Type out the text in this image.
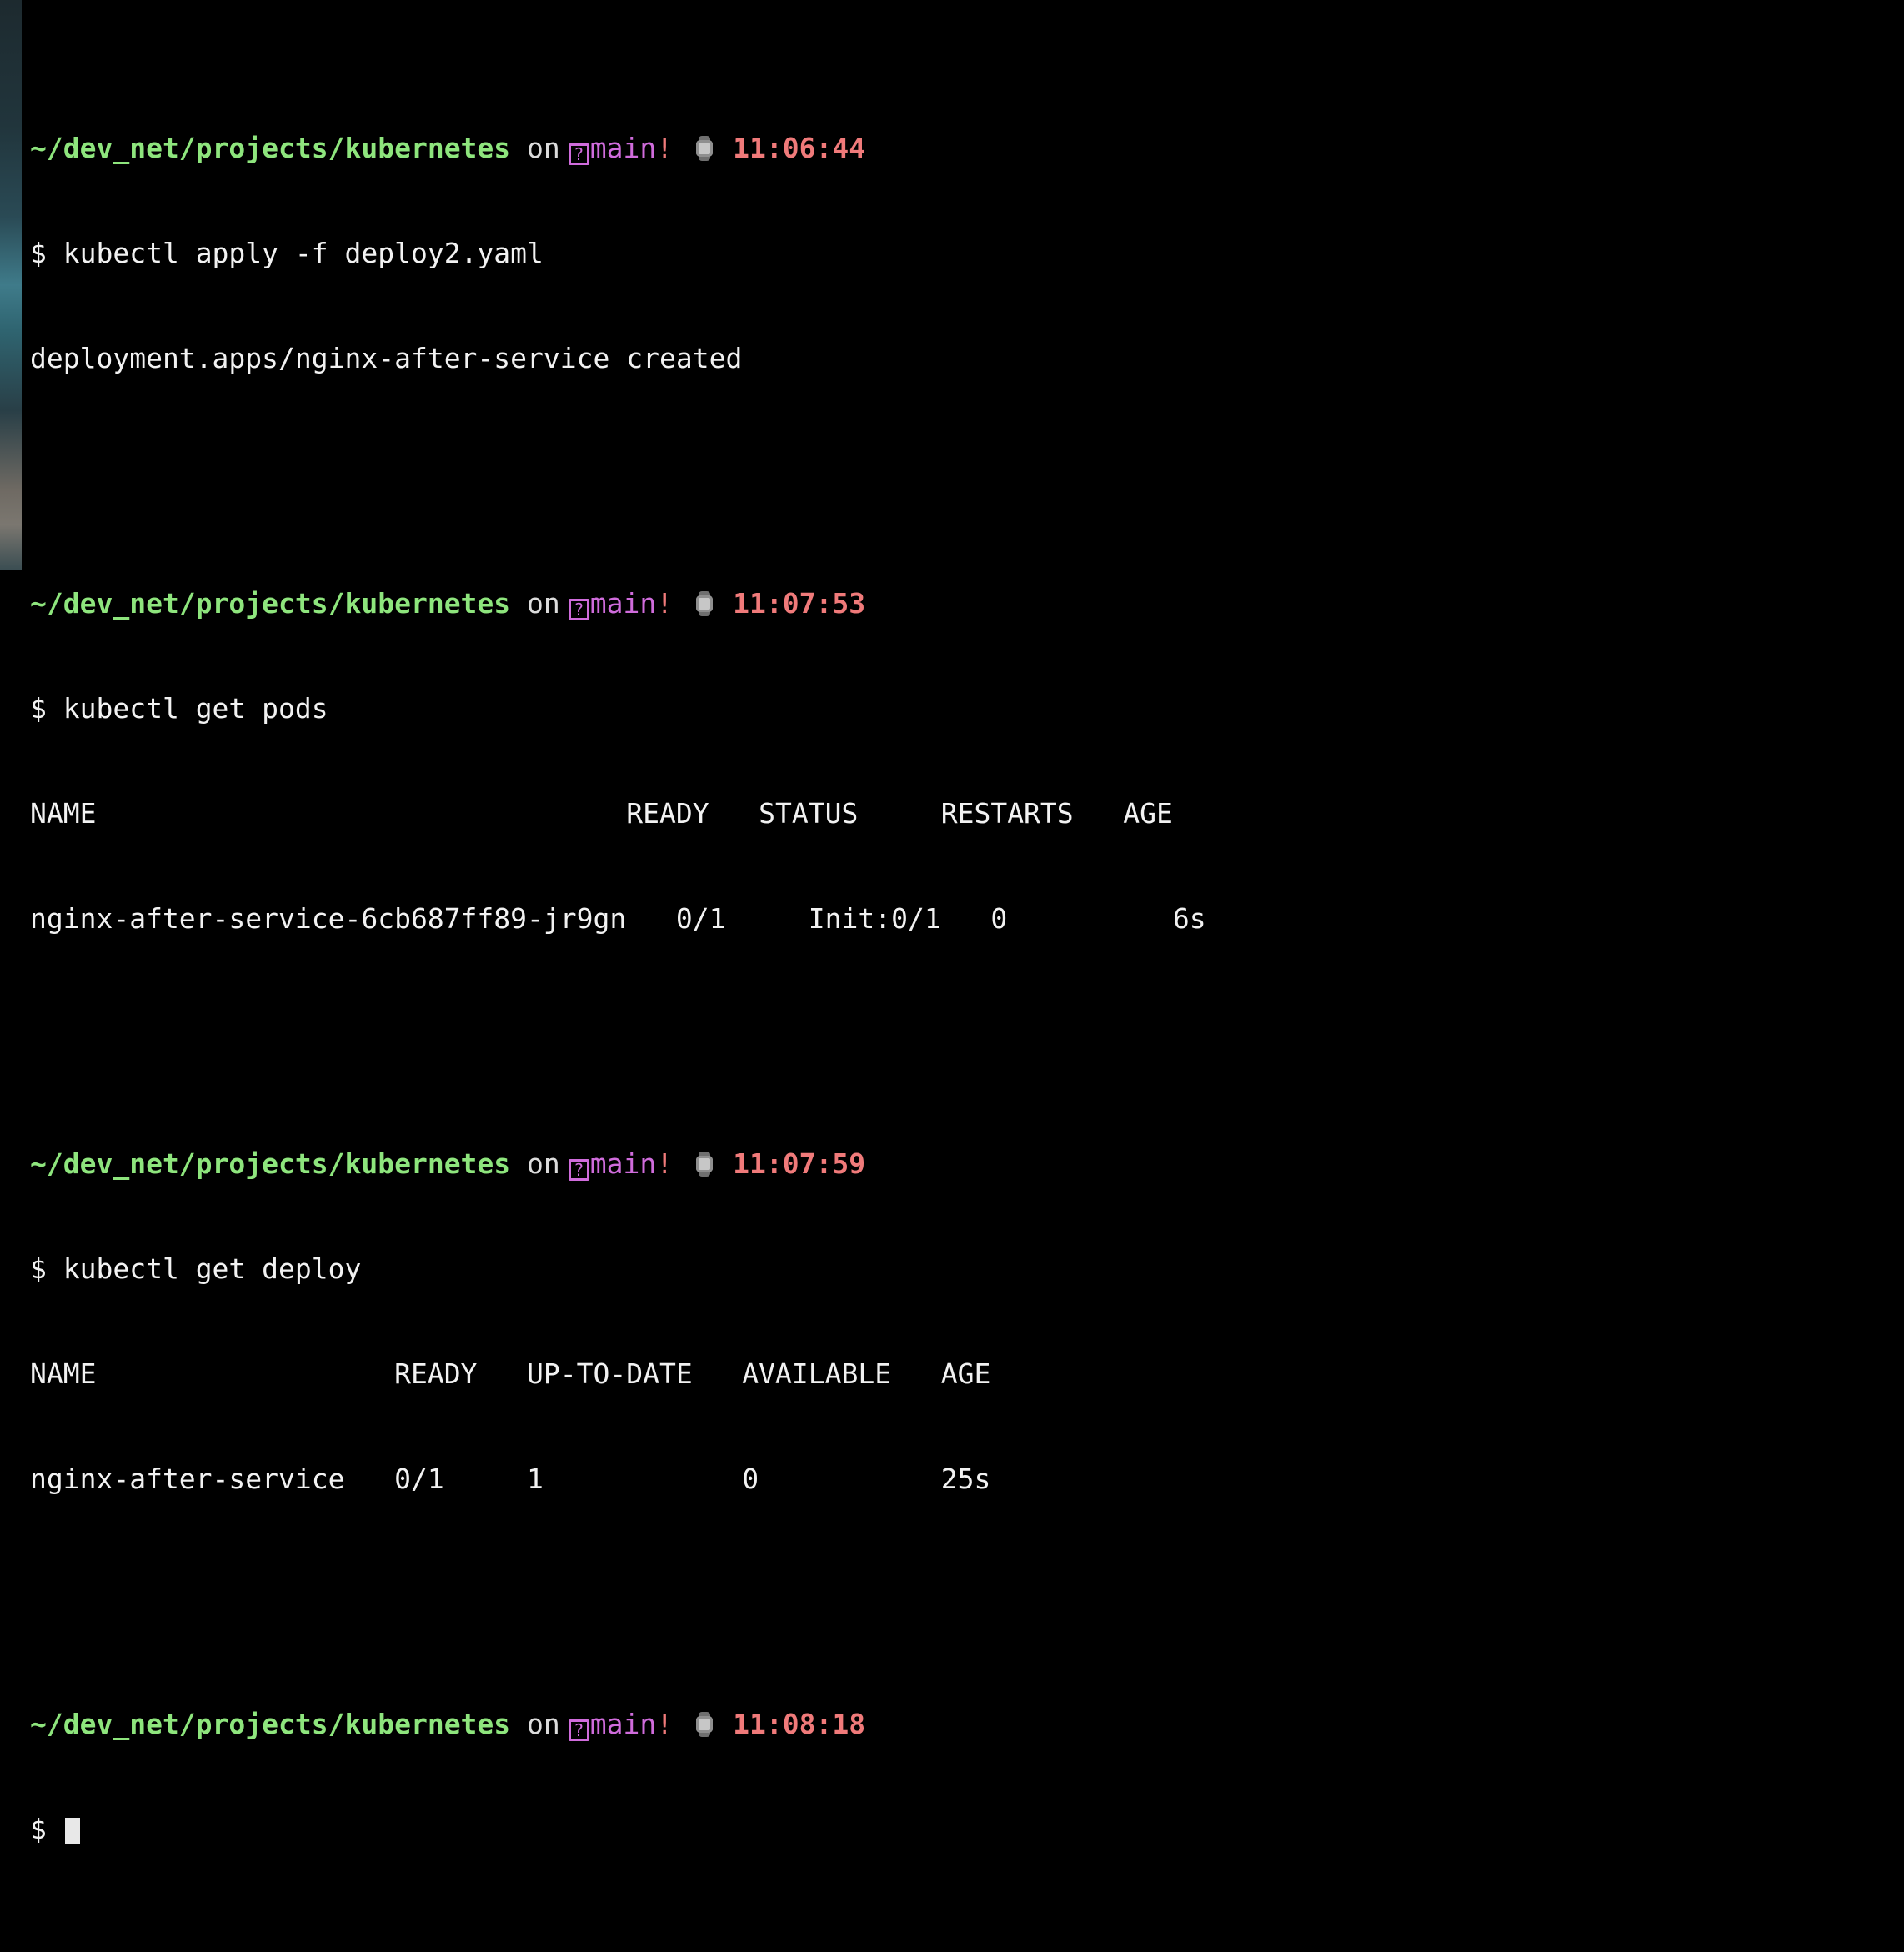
~/dev_net/projects/kubernetes on ? main! 11:06:44

$ kubectl apply -f deploy2.yaml

deployment.apps/nginx-after-service created

~/dev_net/projects/kubernetes on ? main! 11:07:53

$ kubectl get pods

NAME                                READY   STATUS     RESTARTS   AGE

nginx-after-service-6cb687ff89-jr9gn   0/1     Init:0/1   0          6s

~/dev_net/projects/kubernetes on ? main! 11:07:59

$ kubectl get deploy

NAME                  READY   UP-TO-DATE   AVAILABLE   AGE

nginx-after-service   0/1     1            0           25s

~/dev_net/projects/kubernetes on ? main! 11:08:18

$
